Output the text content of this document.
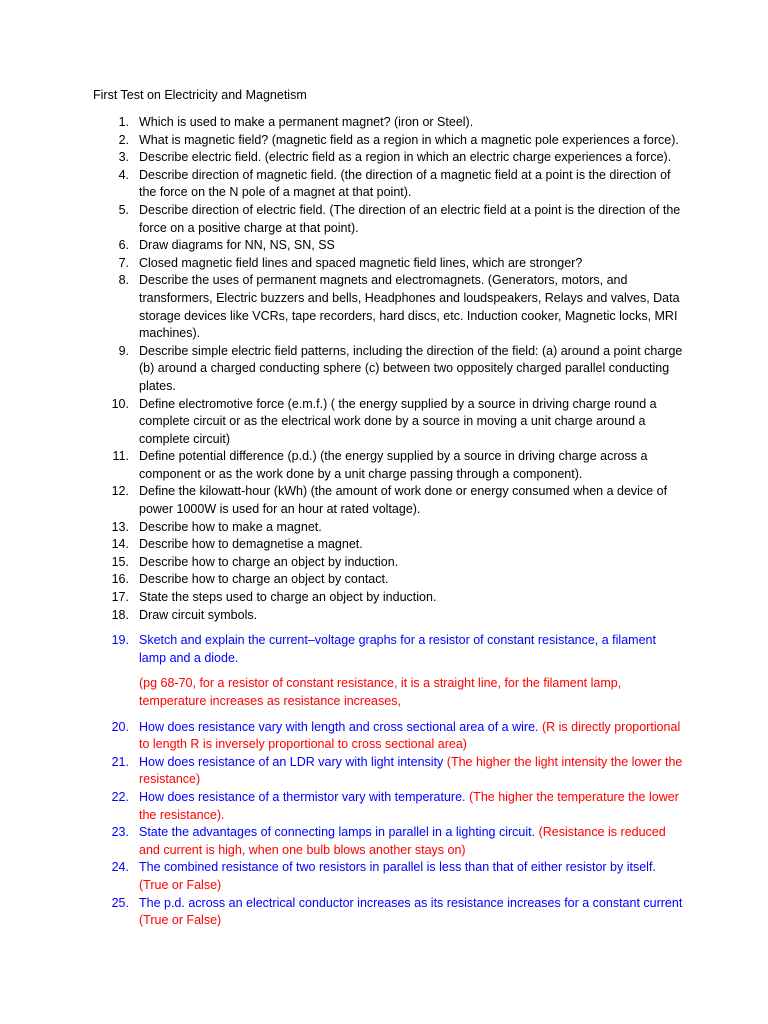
First Test on Electricity and Magnetism
1. Which is used to make a permanent magnet? (iron or Steel).
2. What is magnetic field? (magnetic field as a region in which a magnetic pole experiences a force).
3. Describe electric field. (electric field as a region in which an electric charge experiences a force).
4. Describe direction of magnetic field. (the direction of a magnetic field at a point is the direction of the force on the N pole of a magnet at that point).
5. Describe direction of electric field. (The direction of an electric field at a point is the direction of the force on a positive charge at that point).
6. Draw diagrams for NN, NS, SN, SS
7. Closed magnetic field lines and spaced magnetic field lines, which are stronger?
8. Describe the uses of permanent magnets and electromagnets. (Generators, motors, and transformers, Electric buzzers and bells, Headphones and loudspeakers, Relays and valves, Data storage devices like VCRs, tape recorders, hard discs, etc. Induction cooker, Magnetic locks, MRI machines).
9. Describe simple electric field patterns, including the direction of the field: (a) around a point charge (b) around a charged conducting sphere (c) between two oppositely charged parallel conducting plates.
10. Define electromotive force (e.m.f.) ( the energy supplied by a source in driving charge round a complete circuit or as the electrical work done by a source in moving a unit charge around a complete circuit)
11. Define potential difference (p.d.) (the energy supplied by a source in driving charge across a component or as the work done by a unit charge passing through a component).
12. Define the kilowatt-hour (kWh) (the amount of work done or energy consumed when a device of power 1000W is used for an hour at rated voltage).
13. Describe how to make a magnet.
14. Describe how to demagnetise a magnet.
15. Describe how to charge an object by induction.
16. Describe how to charge an object by contact.
17. State the steps used to charge an object by induction.
18. Draw circuit symbols.
19. Sketch and explain the current–voltage graphs for a resistor of constant resistance, a filament lamp and a diode.
(pg 68-70, for a resistor of constant resistance, it is a straight line, for the filament lamp, temperature increases as resistance increases,
20. How does resistance vary with length and cross sectional area of a wire. (R is directly proportional to length R is inversely proportional to cross sectional area)
21. How does resistance of an LDR vary with light intensity (The higher the light intensity the lower the resistance)
22. How does resistance of a thermistor vary with temperature. (The higher the temperature the lower the resistance).
23. State the advantages of connecting lamps in parallel in a lighting circuit. (Resistance is reduced and current is high, when one bulb blows another stays on)
24. The combined resistance of two resistors in parallel is less than that of either resistor by itself. (True or False)
25. The p.d. across an electrical conductor increases as its resistance increases for a constant current (True or False)
